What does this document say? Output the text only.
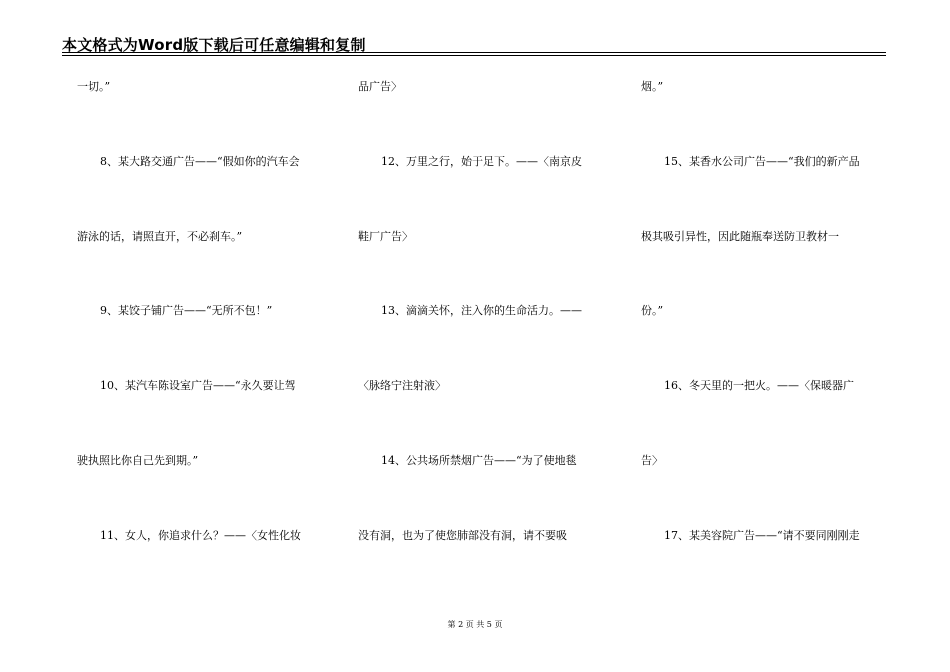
本文格式为Word版下载后可任意编辑和复制
一切。”
8、某大路交通广告——“假如你的汽车会
游泳的话，请照直开，不必刹车。”
9、某饺子铺广告——“无所不包！”
10、某汽车陈设室广告——“永久要让驾
驶执照比你自己先到期。”
11、女人，你追求什么？——〈女性化妆
品广告〉
12、万里之行，始于足下。——〈南京皮
鞋厂广告〉
13、滴滴关怀，注入你的生命活力。——
〈脉络宁注射液〉
14、公共场所禁烟广告——“为了使地毯
没有洞，也为了使您肺部没有洞，请不要吸
烟。”
15、某香水公司广告——“我们的新产品
极其吸引异性，因此随瓶奉送防卫教材一
份。”
16、冬天里的一把火。——〈保暖器广
告〉
17、某美容院广告——“请不要同刚刚走
第 2 页 共 5 页
